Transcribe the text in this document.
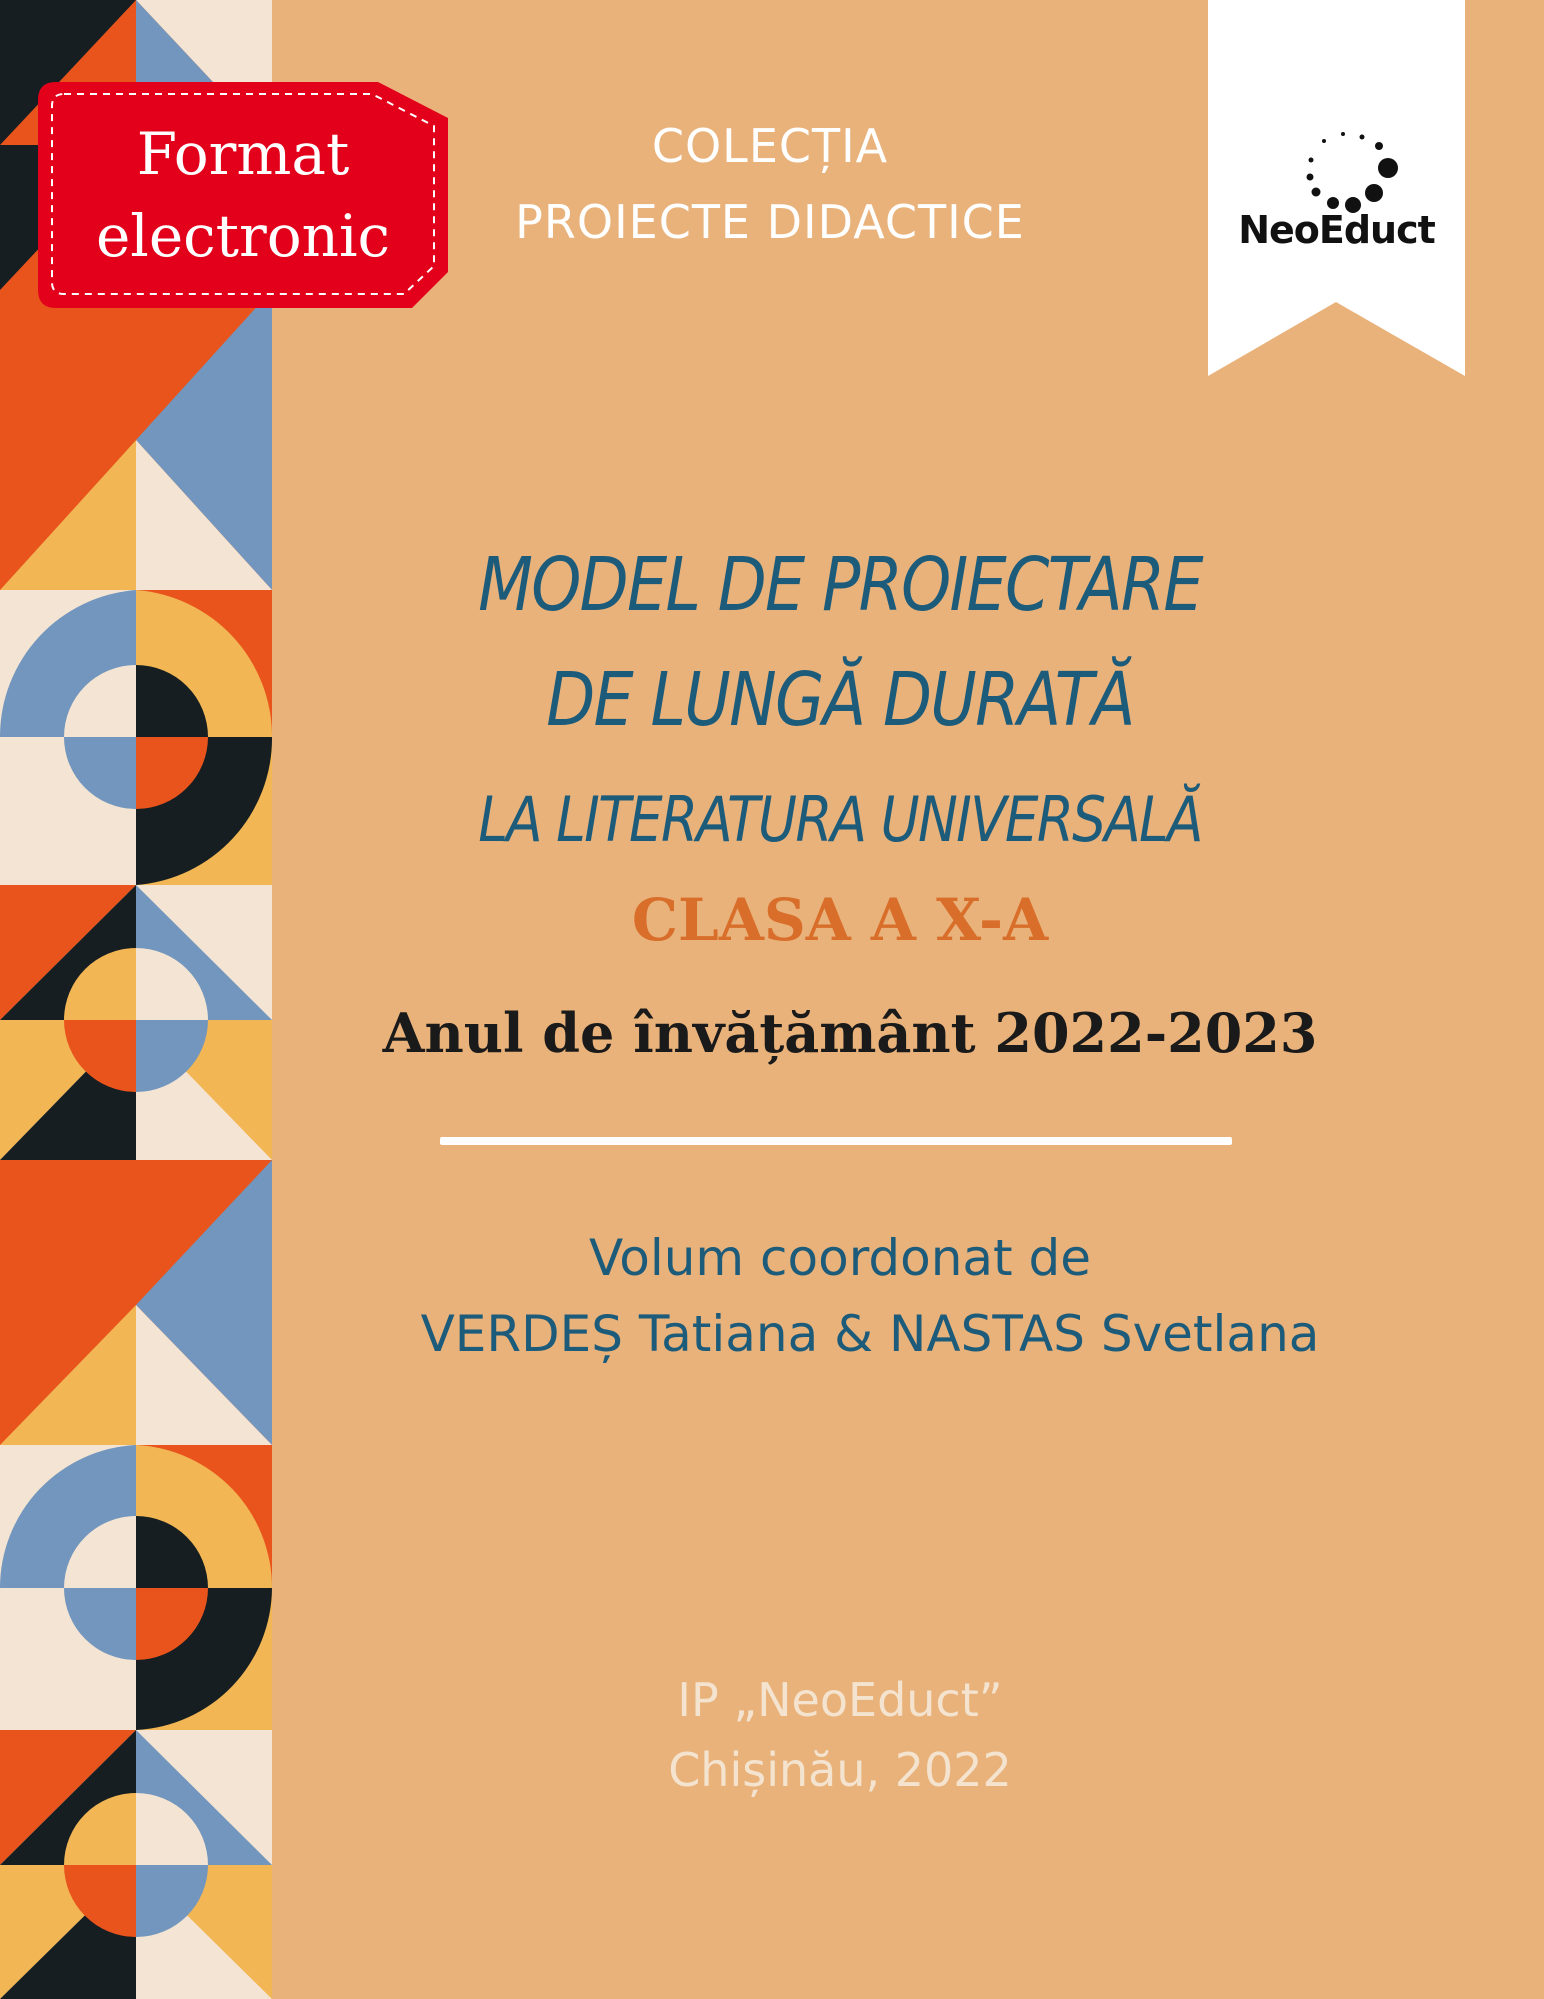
Format
electronic
COLECȚIA
PROIECTE DIDACTICE	NeoEduct
MODEL DE PROIECTARE
DE LUNGĂ DURATĂ
LA LITERATURA UNIVERSALĂ
CLASA A X-A
Anul de învățământ 2022-2023
Volum coordonat de
VERDEȘ Tatiana & NASTAS Svetlana
IP „NeoEduct”
Chișinău, 2022
